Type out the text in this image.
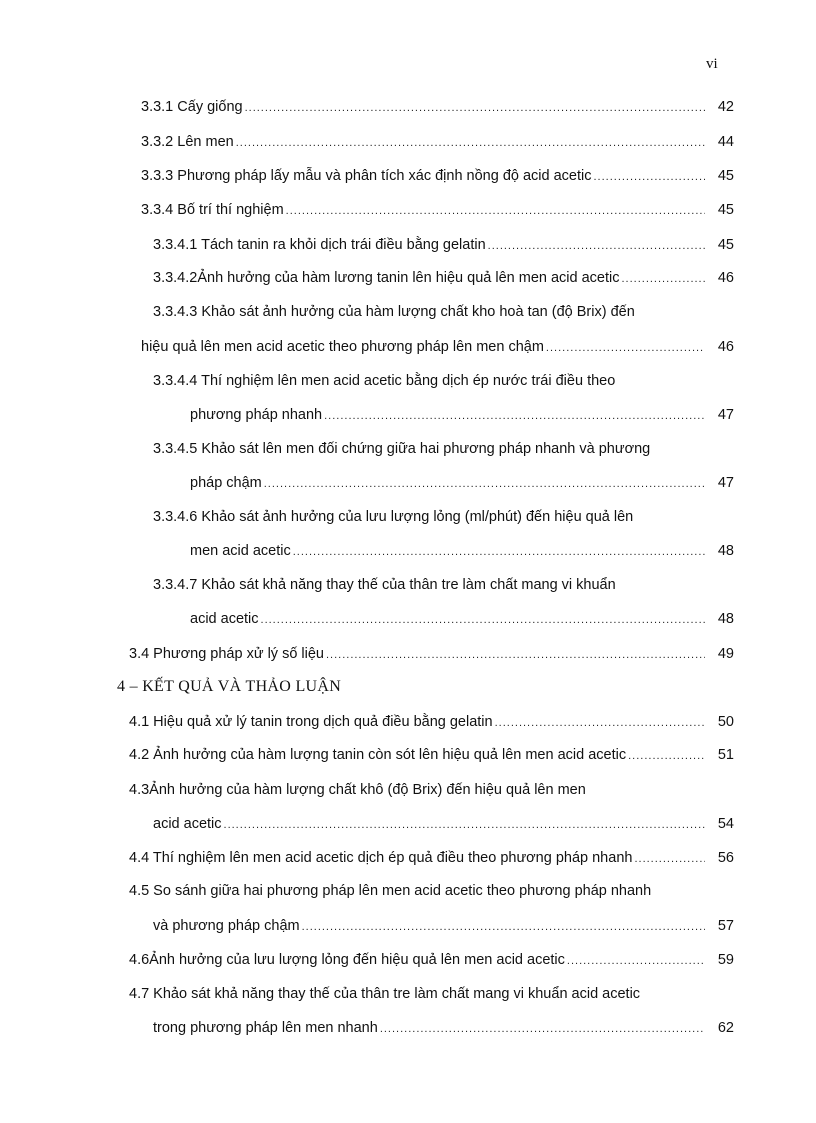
vi
3.3.1 Cấy giống .....	42
3.3.2 Lên men .....	44
3.3.3 Phương pháp lấy mẫu và phân tích xác định nồng độ acid acetic .....	45
3.3.4 Bố trí thí nghiệm .....	45
3.3.4.1 Tách tanin ra khỏi dịch trái điều bằng gelatin .....	45
3.3.4.2Ảnh hưởng của hàm lương tanin lên hiệu quả lên men acid acetic .....	46
3.3.4.3 Khảo sát ảnh hưởng của hàm lượng chất kho hoà tan (độ Brix) đến
hiệu quả lên men acid acetic theo phương pháp lên men chậm .....	46
3.3.4.4 Thí nghiệm lên men acid acetic bằng dịch ép nước trái điều theo
phương pháp nhanh .....	47
3.3.4.5 Khảo sát lên men đối chứng giữa hai phương pháp nhanh và phương
pháp chậm .....	47
3.3.4.6 Khảo sát ảnh hưởng của lưu lượng lỏng (ml/phút) đến hiệu quả lên
men acid acetic .....	48
3.3.4.7 Khảo sát khả năng thay thế của thân tre làm chất mang vi khuẩn
acid acetic .....	48
3.4 Phương pháp xử lý số liệu .....	49
4 – KẾT QUẢ VÀ THẢO LUẬN
4.1 Hiệu quả xử lý tanin trong dịch quả điều bằng gelatin .....	50
4.2 Ảnh hưởng của hàm lượng tanin còn sót lên hiệu quả lên men acid acetic .....	51
4.3Ảnh hưởng của hàm lượng chất khô (độ Brix) đến hiệu quả lên men
acid acetic .....	54
4.4 Thí nghiệm lên men acid acetic dịch ép quả điều theo phương pháp nhanh .....	56
4.5 So sánh giữa hai phương pháp lên men acid acetic theo phương pháp nhanh
và phương pháp chậm .....	57
4.6Ảnh hưởng của lưu lượng lỏng đến hiệu quả lên men acid acetic .....	59
4.7 Khảo sát khả năng thay thế của thân tre làm chất mang vi khuẩn acid acetic
trong phương pháp lên men nhanh .....	62
